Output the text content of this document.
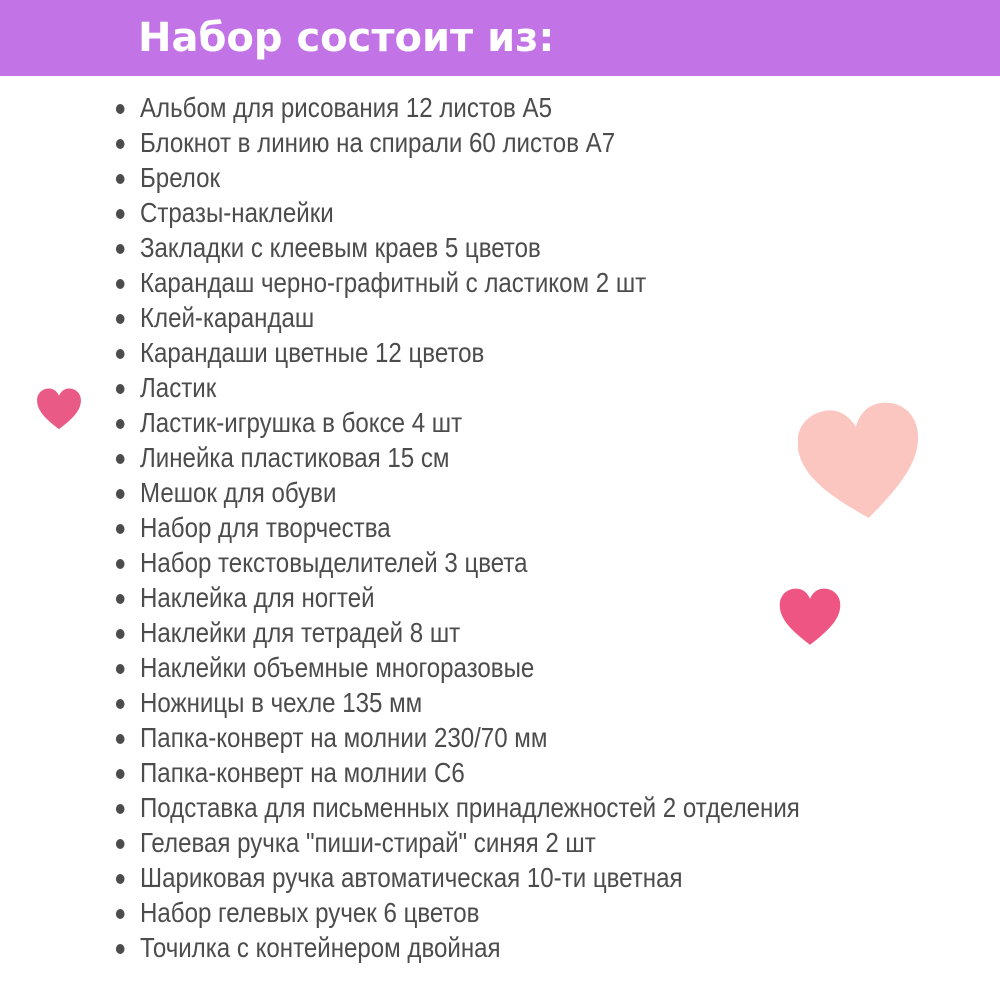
Набор состоит из:
Альбом для рисования 12 листов А5
Блокнот в линию на спирали 60 листов А7
Брелок
Стразы-наклейки
Закладки с клеевым краев 5 цветов
Карандаш черно-графитный с ластиком 2 шт
Клей-карандаш
Карандаши цветные 12 цветов
Ластик
Ластик-игрушка в боксе 4 шт
Линейка пластиковая 15 см
Мешок для обуви
Набор для творчества
Набор текстовыделителей 3 цвета
Наклейка для ногтей
Наклейки для тетрадей 8 шт
Наклейки объемные многоразовые
Ножницы в чехле 135 мм
Папка-конверт на молнии 230/70 мм
Папка-конверт на молнии С6
Подставка для письменных принадлежностей 2 отделения
Гелевая ручка "пиши-стирай" синяя 2 шт
Шариковая ручка автоматическая 10-ти цветная
Набор гелевых ручек 6 цветов
Точилка с контейнером двойная
